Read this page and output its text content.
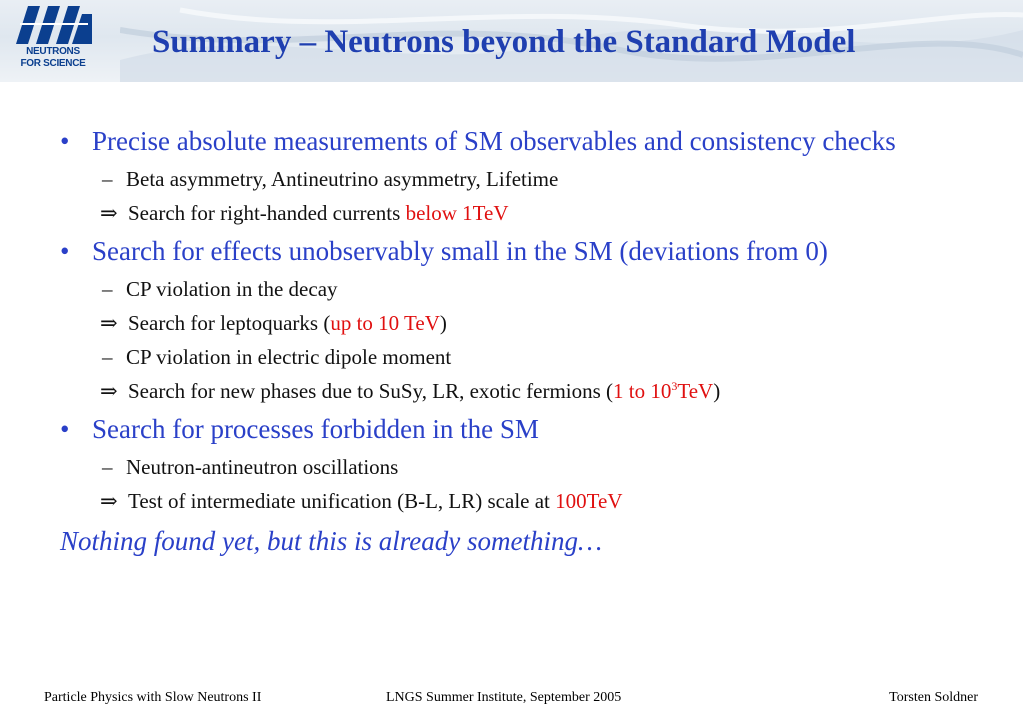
NEUTRONS
FOR SCIENCE
Summary – Neutrons beyond the Standard Model
• Precise absolute measurements of SM observables and consistency checks
– Beta asymmetry, Antineutrino asymmetry, Lifetime
⇒ Search for right-handed currents below 1TeV
• Search for effects unobservably small in the SM (deviations from 0)
– CP violation in the decay
⇒ Search for leptoquarks (up to 10 TeV)
– CP violation in electric dipole moment
⇒ Search for new phases due to SuSy, LR, exotic fermions (1 to $10^3TeV$)
• Search for processes forbidden in the SM
– Neutron-antineutron oscillations
⇒ Test of intermediate unification (B-L, LR) scale at 100TeV
Nothing found yet, but this is already something…
Particle Physics with Slow Neutrons II	LNGS Summer Institute, September 2005	Torsten Soldner
